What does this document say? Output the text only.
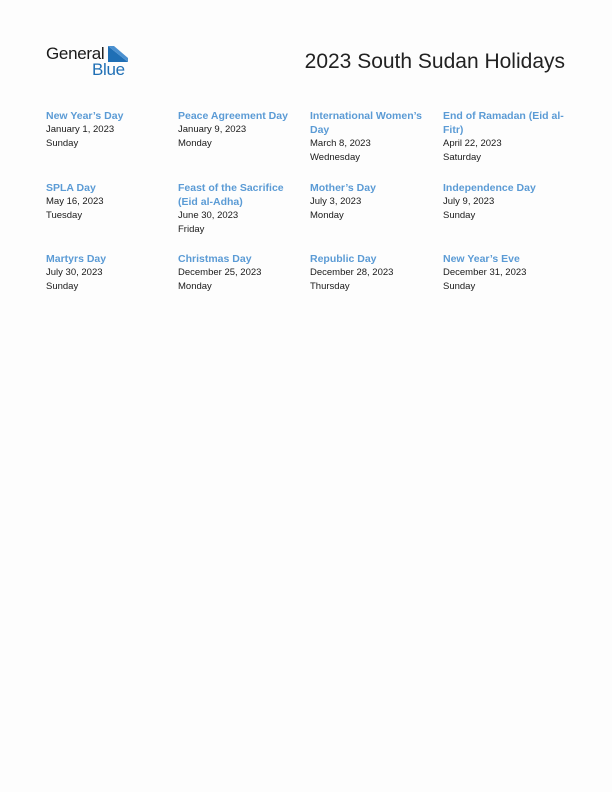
General
Blue	2023 South Sudan Holidays
New Year’s Day
January 1, 2023
Sunday
Peace Agreement Day
January 9, 2023
Monday
International Women’s Day
March 8, 2023
Wednesday
End of Ramadan (Eid al-Fitr)
April 22, 2023
Saturday
SPLA Day
May 16, 2023
Tuesday
Feast of the Sacrifice (Eid al-Adha)
June 30, 2023
Friday
Mother’s Day
July 3, 2023
Monday
Independence Day
July 9, 2023
Sunday
Martyrs Day
July 30, 2023
Sunday
Christmas Day
December 25, 2023
Monday
Republic Day
December 28, 2023
Thursday
New Year’s Eve
December 31, 2023
Sunday
